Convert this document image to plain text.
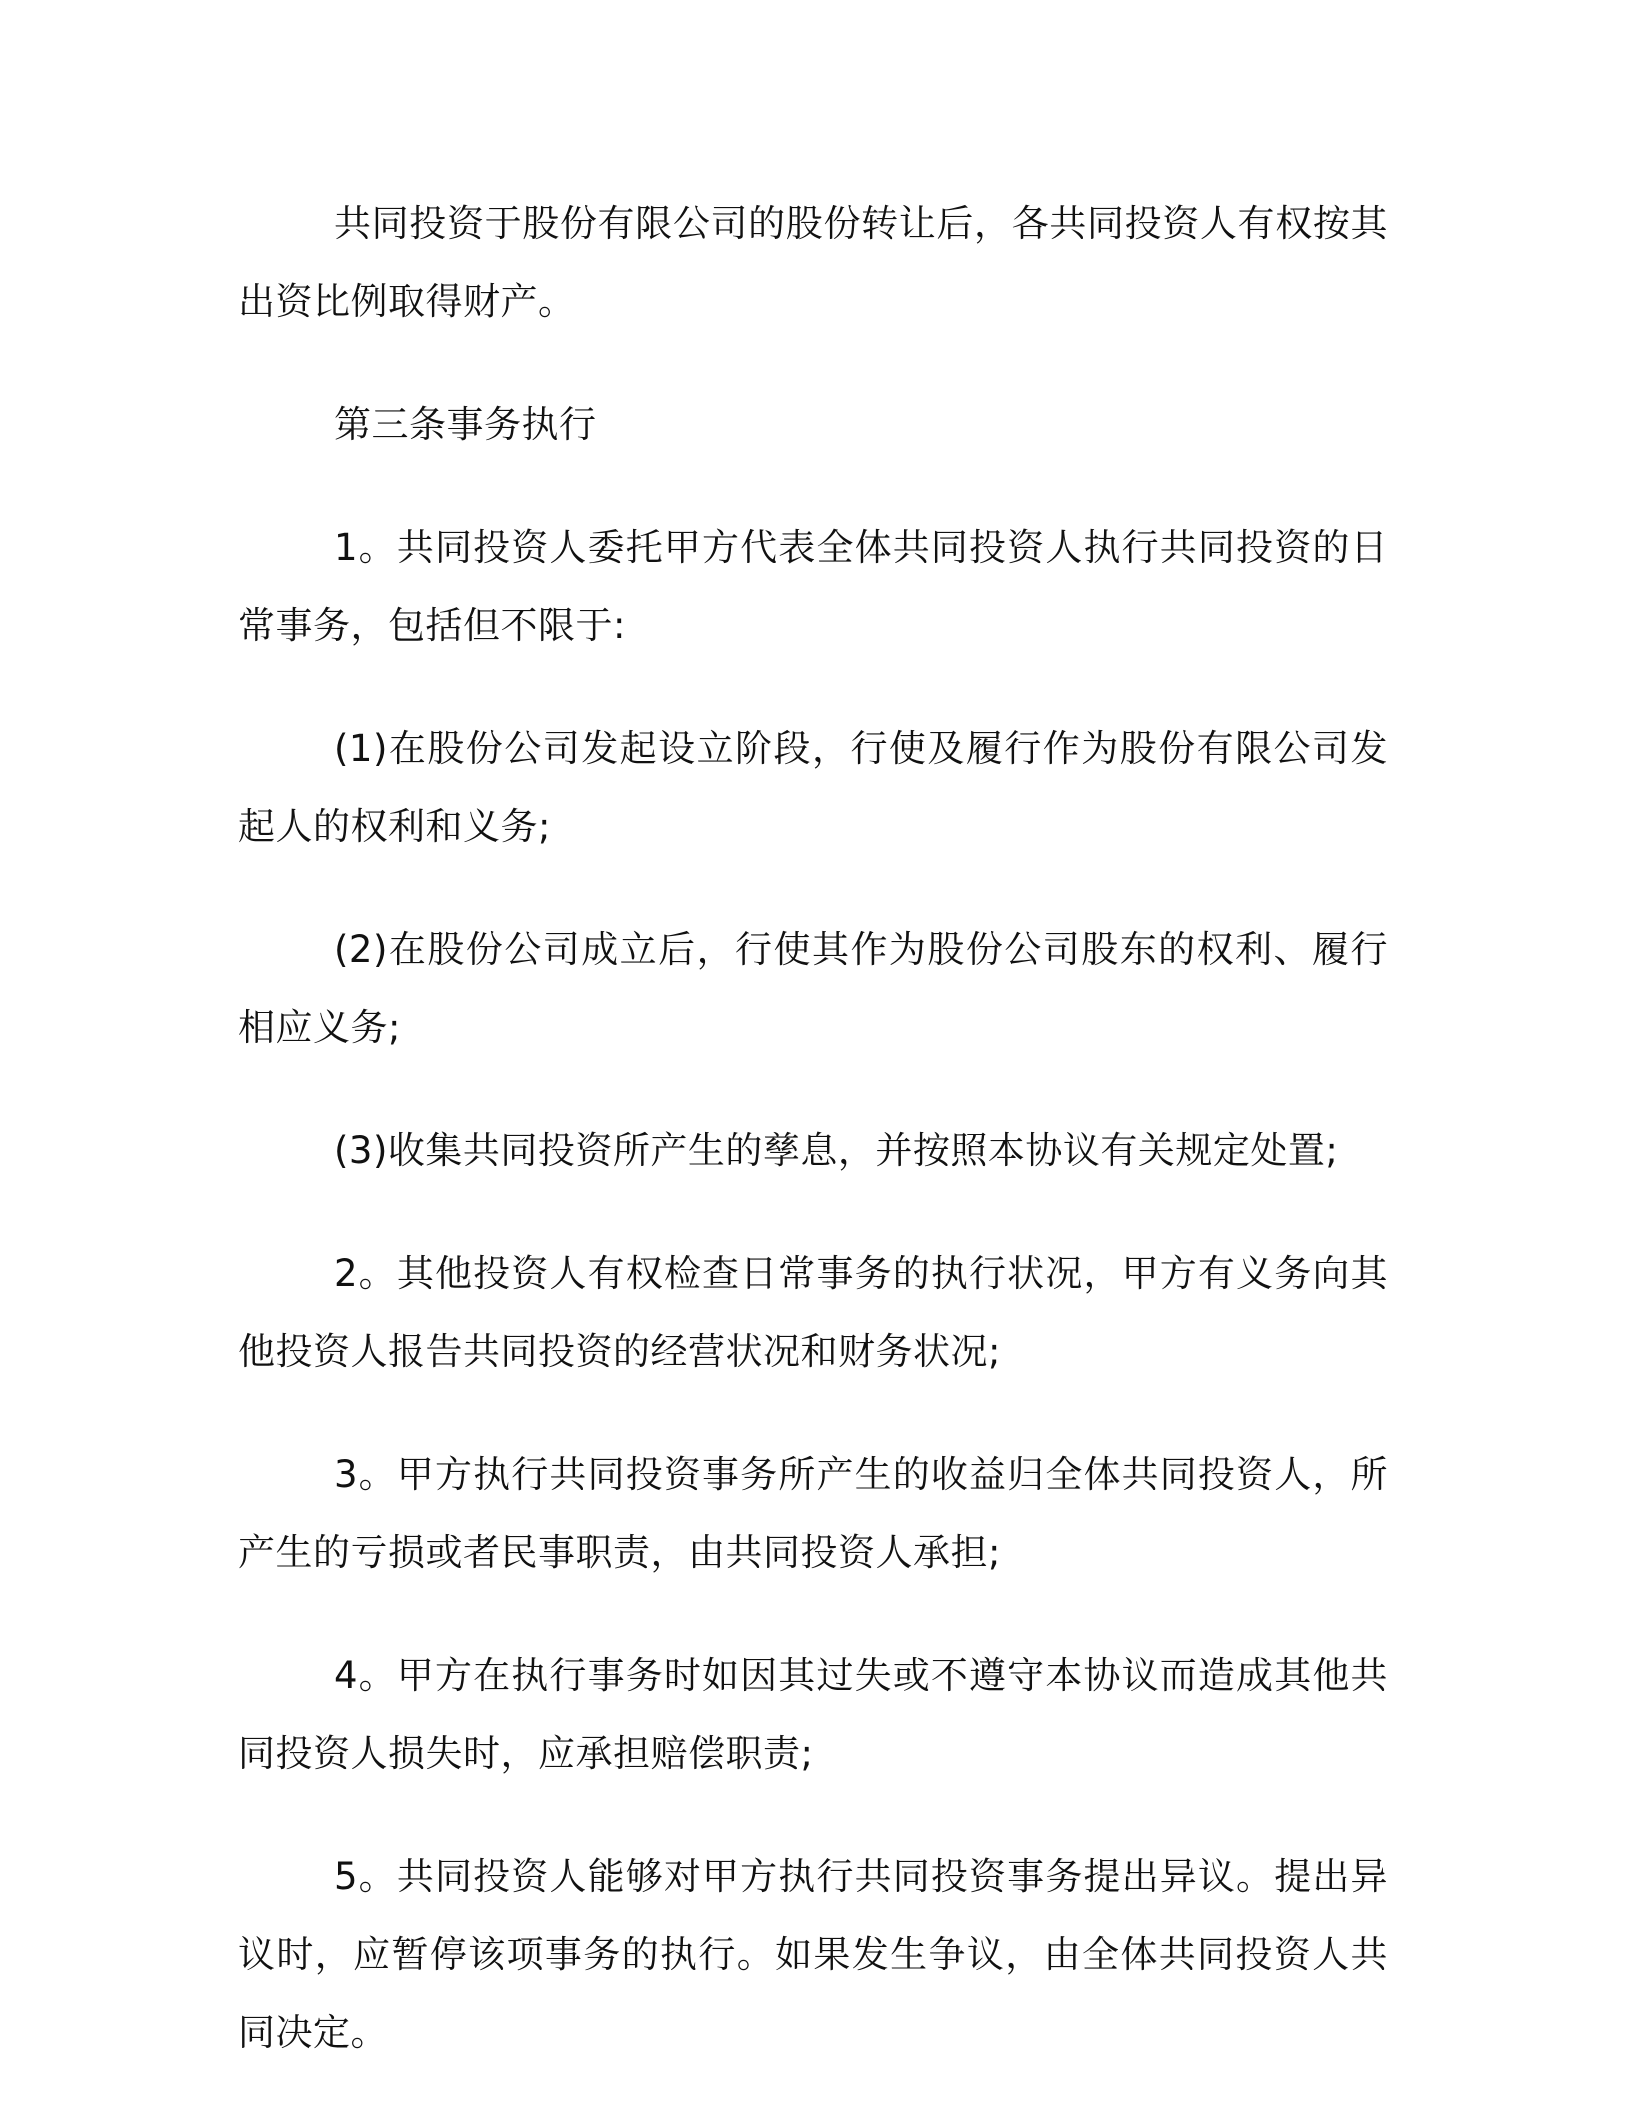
共同投资于股份有限公司的股份转让后，各共同投资人有权按其出资比例取得财产。

第三条事务执行

1。共同投资人委托甲方代表全体共同投资人执行共同投资的日常事务，包括但不限于:

(1)在股份公司发起设立阶段，行使及履行作为股份有限公司发起人的权利和义务;

(2)在股份公司成立后，行使其作为股份公司股东的权利、履行相应义务;

(3)收集共同投资所产生的孳息，并按照本协议有关规定处置;

2。其他投资人有权检查日常事务的执行状况，甲方有义务向其他投资人报告共同投资的经营状况和财务状况;

3。甲方执行共同投资事务所产生的收益归全体共同投资人，所产生的亏损或者民事职责，由共同投资人承担;

4。甲方在执行事务时如因其过失或不遵守本协议而造成其他共同投资人损失时，应承担赔偿职责;

5。共同投资人能够对甲方执行共同投资事务提出异议。提出异议时，应暂停该项事务的执行。如果发生争议，由全体共同投资人共同决定。
